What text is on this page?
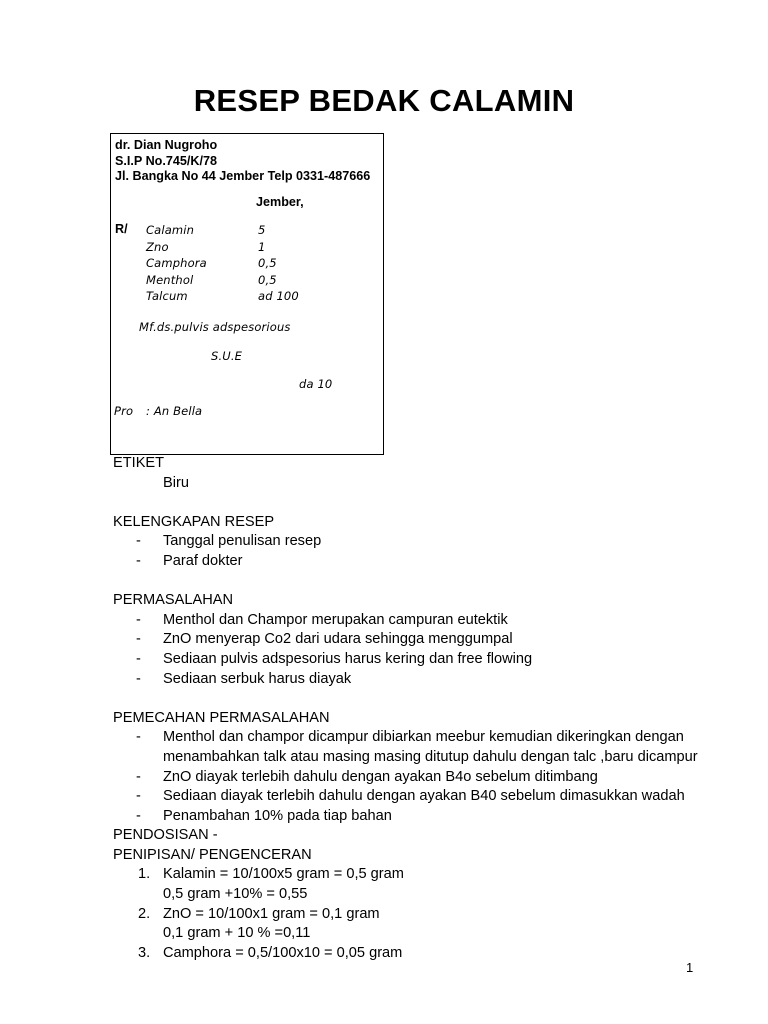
RESEP BEDAK CALAMIN
dr. Dian Nugroho
S.I.P No.745/K/78
Jl. Bangka No 44 Jember Telp 0331-487666
Jember,
R/ Calamin	5
Zno	1
Camphora	0,5
Menthol	0,5
Talcum	ad 100
Mf.ds.pulvis adspesorious
S.U.E
da 10
Pro : An Bella
ETIKET
Biru
KELENGKAPAN RESEP
- Tanggal penulisan resep
- Paraf dokter
PERMASALAHAN
- Menthol dan Champor merupakan campuran eutektik
- ZnO menyerap Co2 dari udara sehingga menggumpal
- Sediaan pulvis adspesorius harus kering dan free flowing
- Sediaan serbuk harus diayak
PEMECAHAN PERMASALAHAN
- Menthol dan champor dicampur dibiarkan meebur kemudian dikeringkan dengan menambahkan talk atau masing masing ditutup dahulu dengan talc ,baru dicampur
- ZnO diayak terlebih dahulu dengan ayakan B4o sebelum ditimbang
- Sediaan diayak terlebih dahulu dengan ayakan B40 sebelum dimasukkan wadah
- Penambahan 10% pada tiap bahan
PENDOSISAN -
PENIPISAN/ PENGENCERAN
1. Kalamin = 10/100x5 gram = 0,5 gram
0,5 gram +10% = 0,55
2. ZnO = 10/100x1 gram = 0,1 gram
0,1 gram + 10 % =0,11
3. Camphora = 0,5/100x10 = 0,05 gram
1
